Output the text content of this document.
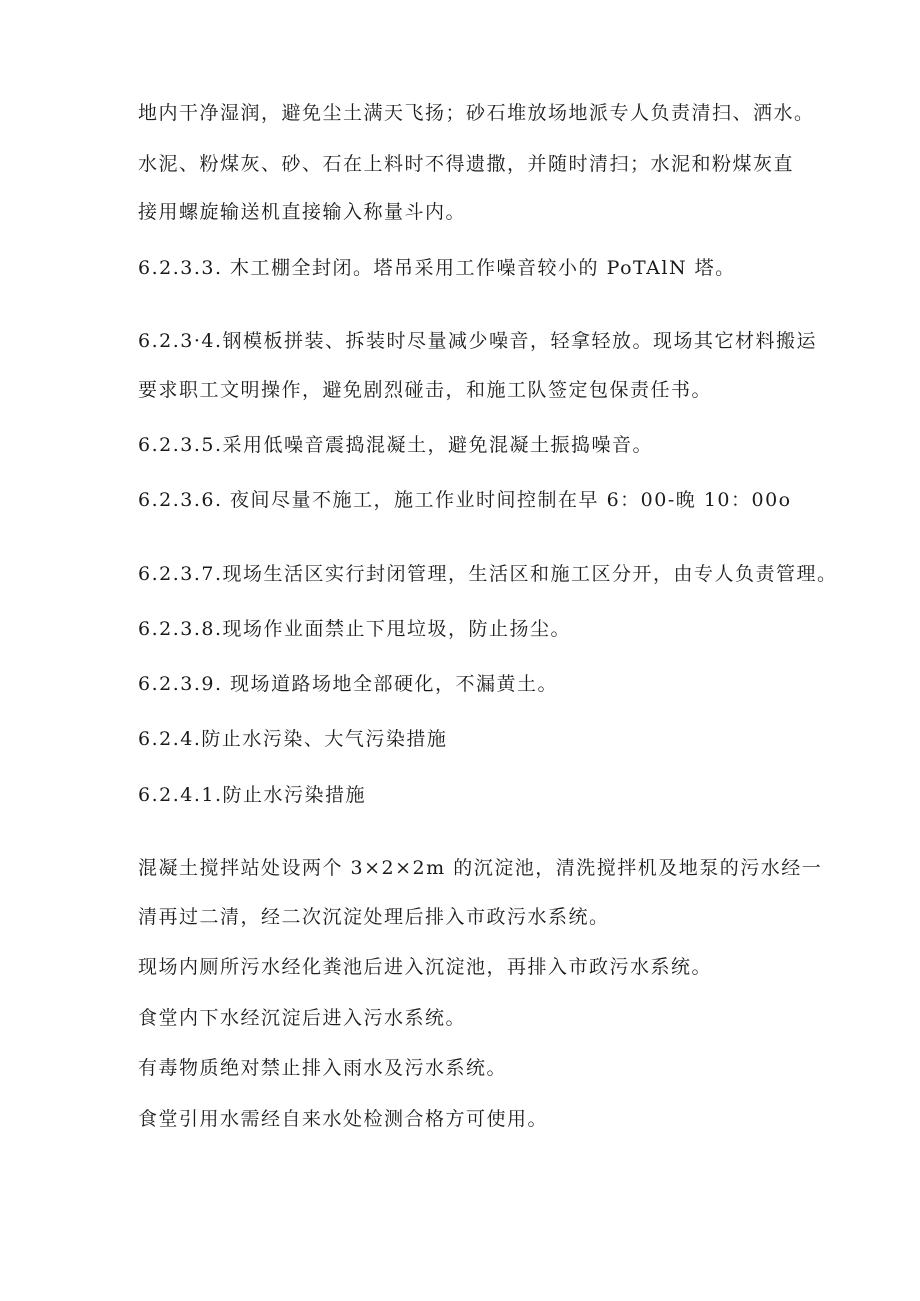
地内干净湿润，避免尘土满天飞扬；砂石堆放场地派专人负责清扫、洒水。
水泥、粉煤灰、砂、石在上料时不得遗撒，并随时清扫；水泥和粉煤灰直
接用螺旋输送机直接输入称量斗内。
6.2.3.3. 木工棚全封闭。塔吊采用工作噪音较小的 PoTAlN 塔。
6.2.3·4.钢模板拼装、拆装时尽量减少噪音，轻拿轻放。现场其它材料搬运
要求职工文明操作，避免剧烈碰击，和施工队签定包保责任书。
6.2.3.5.采用低噪音震捣混凝土，避免混凝土振捣噪音。
6.2.3.6. 夜间尽量不施工，施工作业时间控制在早 6：00-晚 10：00o
6.2.3.7.现场生活区实行封闭管理，生活区和施工区分开，由专人负责管理。
6.2.3.8.现场作业面禁止下甩垃圾，防止扬尘。
6.2.3.9. 现场道路场地全部硬化，不漏黄土。
6.2.4.防止水污染、大气污染措施
6.2.4.1.防止水污染措施
混凝土搅拌站处设两个 3×2×2m 的沉淀池，清洗搅拌机及地泵的污水经一
清再过二清，经二次沉淀处理后排入市政污水系统。
现场内厕所污水经化粪池后进入沉淀池，再排入市政污水系统。
食堂内下水经沉淀后进入污水系统。
有毒物质绝对禁止排入雨水及污水系统。
食堂引用水需经自来水处检测合格方可使用。
